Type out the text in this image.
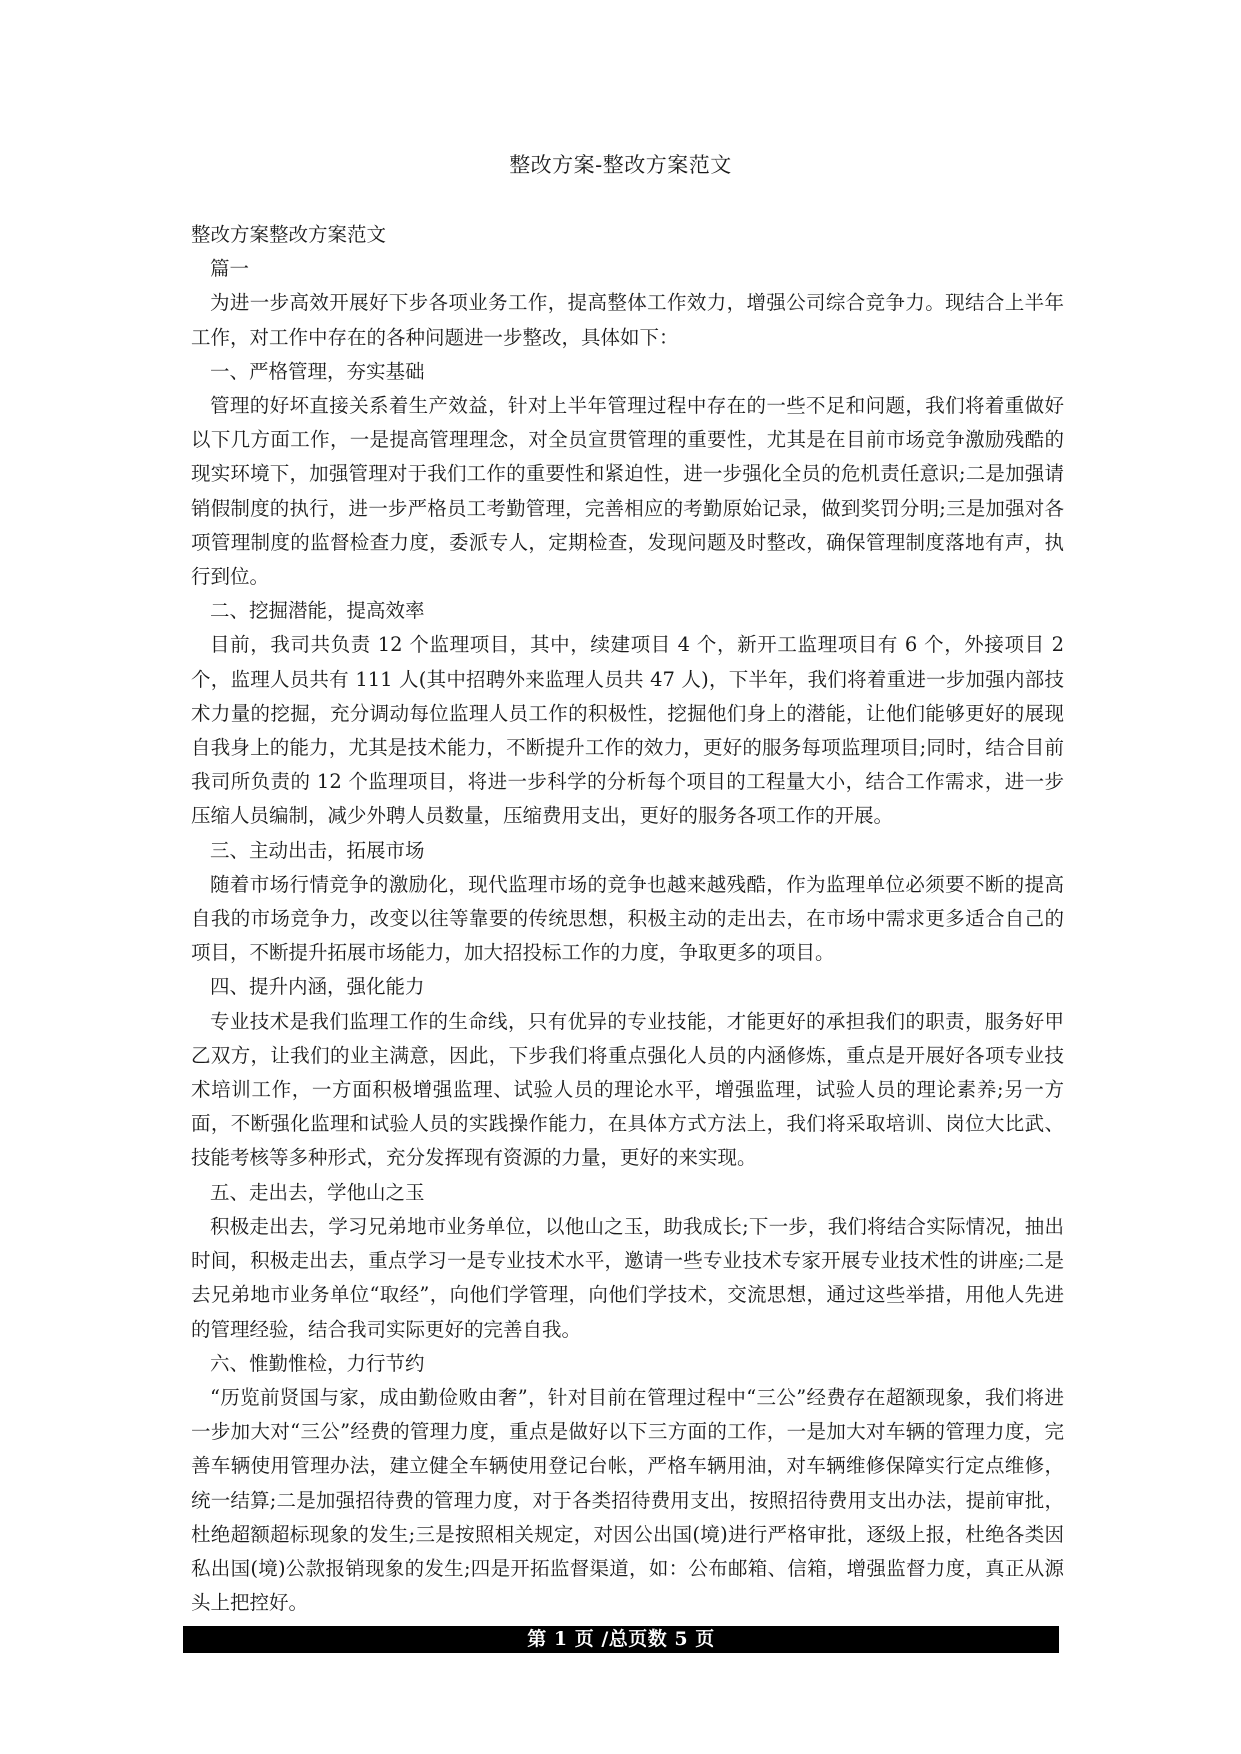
整改方案-整改方案范文

整改方案整改方案范文

篇一

为进一步高效开展好下步各项业务工作，提高整体工作效力，增强公司综合竞争力。现结合上半年工作，对工作中存在的各种问题进一步整改，具体如下：

一、严格管理，夯实基础

管理的好坏直接关系着生产效益，针对上半年管理过程中存在的一些不足和问题，我们将着重做好以下几方面工作，一是提高管理理念，对全员宣贯管理的重要性，尤其是在目前市场竞争激励残酷的现实环境下，加强管理对于我们工作的重要性和紧迫性，进一步强化全员的危机责任意识;二是加强请销假制度的执行，进一步严格员工考勤管理，完善相应的考勤原始记录，做到奖罚分明;三是加强对各项管理制度的监督检查力度，委派专人，定期检查，发现问题及时整改，确保管理制度落地有声，执行到位。

二、挖掘潜能，提高效率

目前，我司共负责 12 个监理项目，其中，续建项目 4 个，新开工监理项目有 6 个，外接项目 2 个，监理人员共有 111 人(其中招聘外来监理人员共 47 人)，下半年，我们将着重进一步加强内部技术力量的挖掘，充分调动每位监理人员工作的积极性，挖掘他们身上的潜能，让他们能够更好的展现自我身上的能力，尤其是技术能力，不断提升工作的效力，更好的服务每项监理项目;同时，结合目前我司所负责的 12 个监理项目，将进一步科学的分析每个项目的工程量大小，结合工作需求，进一步压缩人员编制，减少外聘人员数量，压缩费用支出，更好的服务各项工作的开展。

三、主动出击，拓展市场

随着市场行情竞争的激励化，现代监理市场的竞争也越来越残酷，作为监理单位必须要不断的提高自我的市场竞争力，改变以往等靠要的传统思想，积极主动的走出去，在市场中需求更多适合自己的项目，不断提升拓展市场能力，加大招投标工作的力度，争取更多的项目。

四、提升内涵，强化能力

专业技术是我们监理工作的生命线，只有优异的专业技能，才能更好的承担我们的职责，服务好甲乙双方，让我们的业主满意，因此，下步我们将重点强化人员的内涵修炼，重点是开展好各项专业技术培训工作，一方面积极增强监理、试验人员的理论水平，增强监理，试验人员的理论素养;另一方面，不断强化监理和试验人员的实践操作能力，在具体方式方法上，我们将采取培训、岗位大比武、技能考核等多种形式，充分发挥现有资源的力量，更好的来实现。

五、走出去，学他山之玉

积极走出去，学习兄弟地市业务单位，以他山之玉，助我成长;下一步，我们将结合实际情况，抽出时间，积极走出去，重点学习一是专业技术水平，邀请一些专业技术专家开展专业技术性的讲座;二是去兄弟地市业务单位“取经”，向他们学管理，向他们学技术，交流思想，通过这些举措，用他人先进的管理经验，结合我司实际更好的完善自我。

六、惟勤惟检，力行节约

“历览前贤国与家，成由勤俭败由奢”，针对目前在管理过程中“三公”经费存在超额现象，我们将进一步加大对“三公”经费的管理力度，重点是做好以下三方面的工作，一是加大对车辆的管理力度，完善车辆使用管理办法，建立健全车辆使用登记台帐，严格车辆用油，对车辆维修保障实行定点维修，统一结算;二是加强招待费的管理力度，对于各类招待费用支出，按照招待费用支出办法，提前审批，杜绝超额超标现象的发生;三是按照相关规定，对因公出国(境)进行严格审批，逐级上报，杜绝各类因私出国(境)公款报销现象的发生;四是开拓监督渠道，如：公布邮箱、信箱，增强监督力度，真正从源头上把控好。

第 1 页 /总页数 5 页
